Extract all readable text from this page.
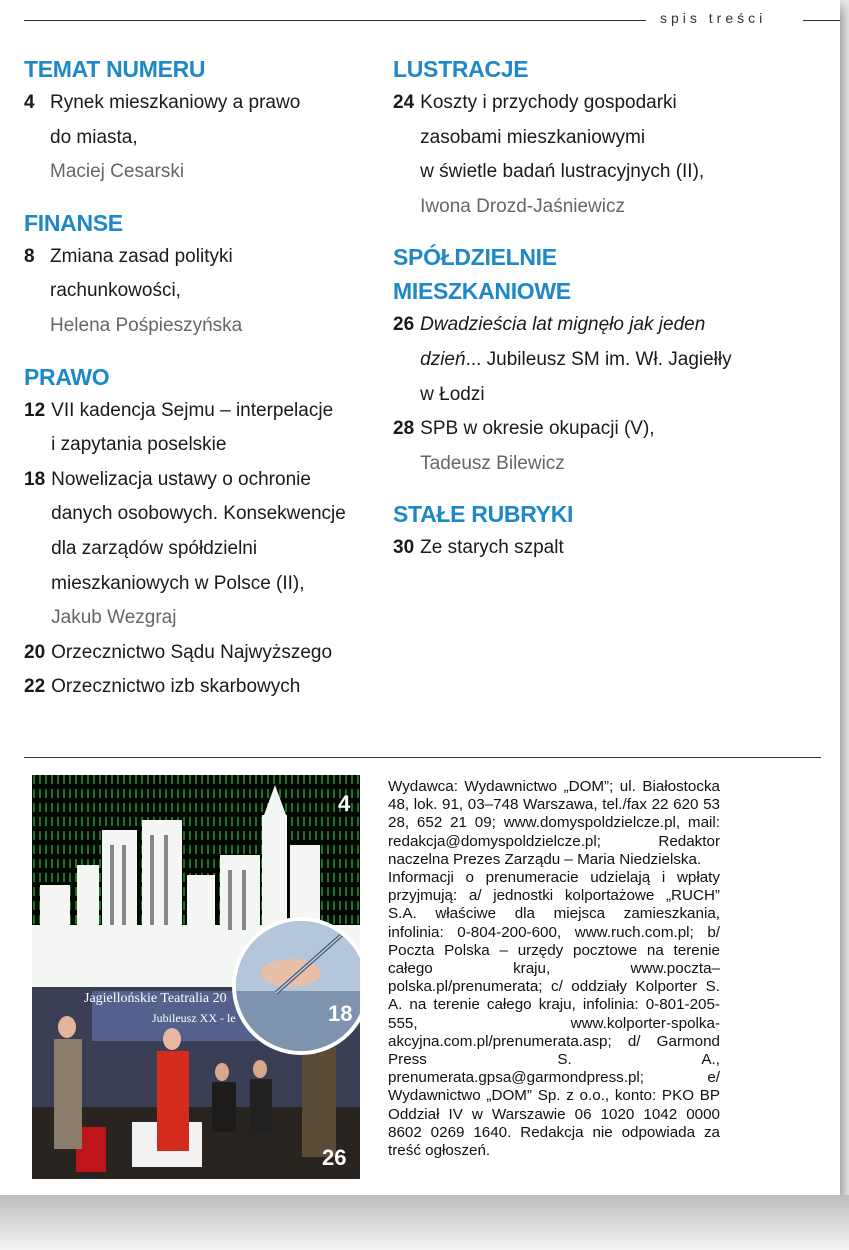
spis treści
TEMAT NUMERU
4 Rynek mieszkaniowy a prawo
do miasta,
Maciej Cesarski
FINANSE
8 Zmiana zasad polityki
rachunkowości,
Helena Pośpieszyńska
PRAWO
12 VII kadencja Sejmu – interpelacje
i zapytania poselskie
18 Nowelizacja ustawy o ochronie
danych osobowych. Konsekwencje
dla zarządów spółdzielni
mieszkaniowych w Polsce (II),
Jakub Wezgraj
20 Orzecznictwo Sądu Najwyższego
22 Orzecznictwo izb skarbowych
LUSTRACJE
24 Koszty i przychody gospodarki
zasobami mieszkaniowymi
w świetle badań lustracyjnych (II),
Iwona Drozd-Jaśniewicz
SPÓŁDZIELNIE MIESZKANIOWE
26 Dwadzieścia lat mignęło jak jeden
dzień... Jubileusz SM im. Wł. Jagiełły
w Łodzi
28 SPB w okresie okupacji (V),
Tadeusz Bilewicz
STAŁE RUBRYKI
30 Ze starych szpalt
4
Jagiellońskie Teatralia 20
Jubileusz XX - le
26
18
Wydawca: Wydawnictwo „DOM”; ul. Białostocka 48, lok. 91, 03–748 Warszawa, tel./fax 22 620 53 28, 652 21 09; www.domyspoldzielcze.pl, mail: redakcja@domyspoldzielcze.pl; Redaktor naczelna Prezes Zarządu – Maria Niedzielska.
Informacji o prenumeracie udzielają i wpłaty przyjmują: a/ jednostki kolportażowe „RUCH” S.A. właściwe dla miejsca zamieszkania, infolinia: 0-804-200-600, www.ruch.com.pl; b/ Poczta Polska – urzędy pocztowe na terenie całego kraju, www.poczta–polska.pl/prenumerata; c/ oddziały Kolporter S. A. na terenie całego kraju, infolinia: 0-801-205-555, www.kolporter-spolka-akcyjna.com.pl/prenumerata.asp; d/ Garmond Press S. A., prenumerata.gpsa@garmondpress.pl; e/ Wydawnictwo „DOM” Sp. z o.o., konto: PKO BP Oddział IV w Warszawie 06 1020 1042 0000 8602 0269 1640. Redakcja nie odpowiada za treść ogłoszeń.
